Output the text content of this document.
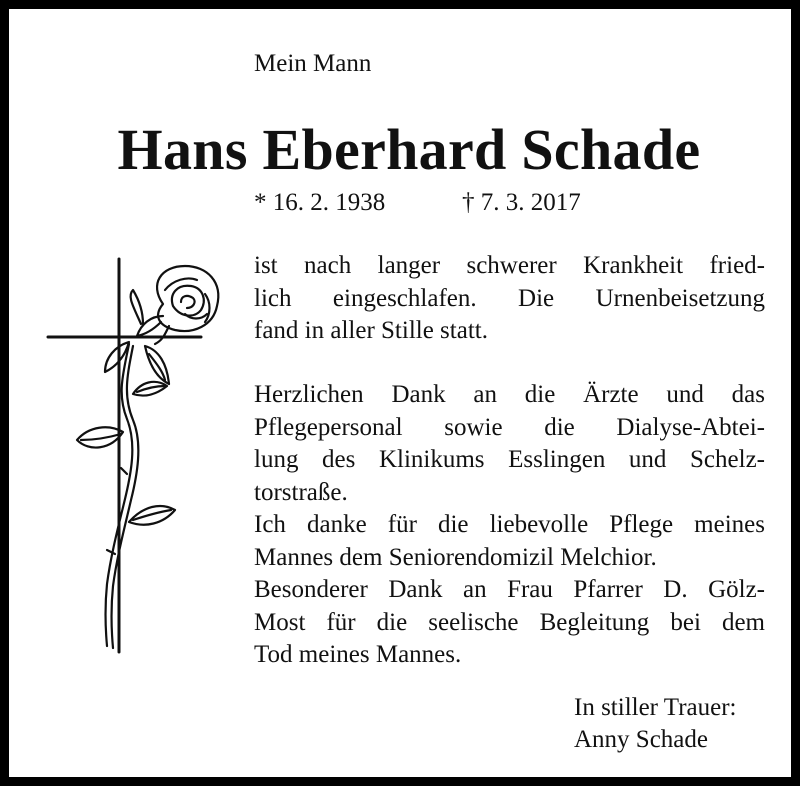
Mein Mann
Hans Eberhard Schade
* 16. 2. 1938	† 7. 3. 2017
ist nach langer schwerer Krankheit fried-
lich eingeschlafen. Die Urnenbeisetzung
fand in aller Stille statt.
Herzlichen Dank an die Ärzte und das
Pflegepersonal sowie die Dialyse-Abtei-
lung des Klinikums Esslingen und Schelz-
torstraße.
Ich danke für die liebevolle Pflege meines
Mannes dem Seniorendomizil Melchior.
Besonderer Dank an Frau Pfarrer D. Gölz-
Most für die seelische Begleitung bei dem
Tod meines Mannes.
In stiller Trauer:
Anny Schade
